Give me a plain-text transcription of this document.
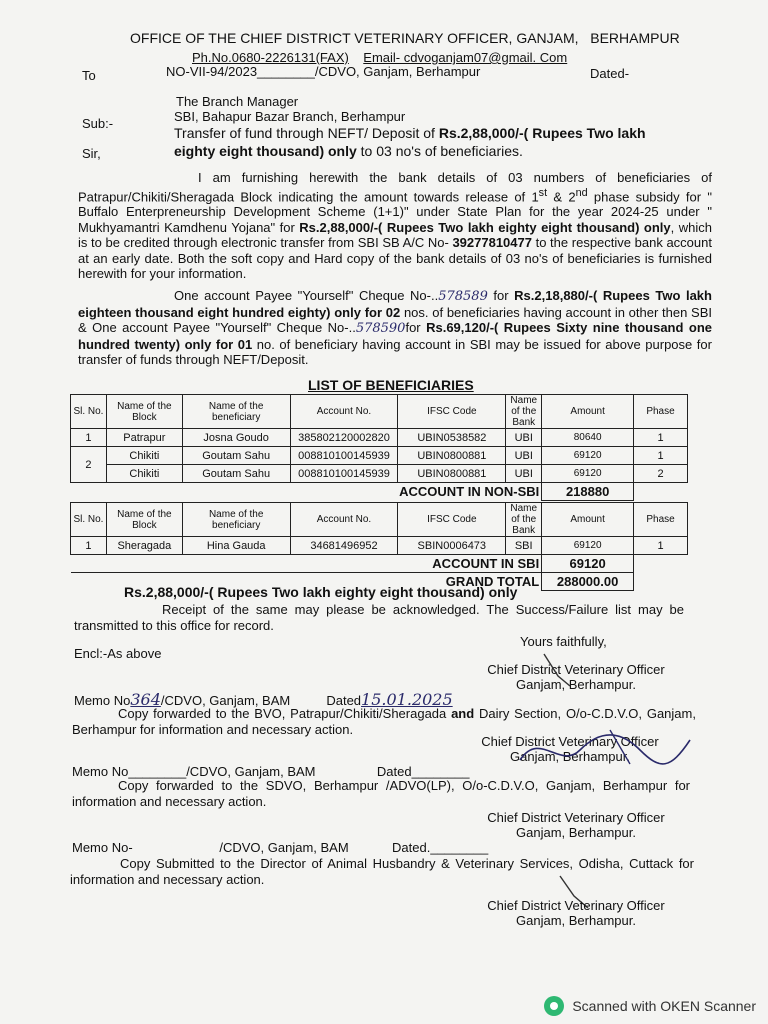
OFFICE OF THE CHIEF DISTRICT VETERINARY OFFICER, GANJAM, BERHAMPUR
Ph.No.0680-2226131(FAX) Email- cdvoganjam07@gmail. Com
To	NO-VII-94/2023________/CDVO, Ganjam, Berhampur	Dated-
The Branch Manager
SBI, Bahapur Bazar Branch, Berhampur
Sub:-
Transfer of fund through NEFT/ Deposit of Rs.2,88,000/-( Rupees Two lakh
eighty eight thousand) only to 03 no's of beneficiaries.
Sir,
I am furnishing herewith the bank details of 03 numbers of beneficiaries of Patrapur/Chikiti/Sheragada Block indicating the amount towards release of 1st & 2nd phase subsidy for " Buffalo Enterpreneurship Development Scheme (1+1)" under State Plan for the year 2024-25 under " Mukhyamantri Kamdhenu Yojana" for Rs.2,88,000/-( Rupees Two lakh eighty eight thousand) only, which is to be credited through electronic transfer from SBI SB A/C No- 39277810477 to the respective bank account at an early date. Both the soft copy and Hard copy of the bank details of 03 no's of beneficiaries is furnished herewith for your information.
One account Payee "Yourself" Cheque No-..578589 for Rs.2,18,880/-( Rupees Two lakh eighteen thousand eight hundred eighty) only for 02 nos. of beneficiaries having account in other then SBI & One account Payee "Yourself" Cheque No-..578590for Rs.69,120/-( Rupees Sixty nine thousand one hundred twenty) only for 01 no. of beneficiary having account in SBI may be issued for above purpose for transfer of funds through NEFT/Deposit.
LIST OF BENEFICIARIES
Sl. No.	Name of the Block	Name of the beneficiary	Account No.	IFSC Code	Name of the Bank	Amount	Phase
1	Patrapur	Josna Goudo	385802120002820	UBIN0538582	UBI	80640	1
2	Chikiti	Goutam Sahu	008810100145939	UBIN0800881	UBI	69120	1
	Chikiti	Goutam Sahu	008810100145939	UBIN0800881	UBI	69120	2
ACCOUNT IN NON-SBI						218880	
Sl. No.	Name of the Block	Name of the beneficiary	Account No.	IFSC Code	Name of the Bank	Amount	Phase
1	Sheragada	Hina Gauda	34681496952	SBIN0006473	SBI	69120	1
ACCOUNT IN SBI						69120	
GRAND TOTAL						288000.00	
Rs.2,88,000/-( Rupees Two lakh eighty eight thousand) only
Receipt of the same may please be acknowledged. The Success/Failure list may be transmitted to this office for record.
Yours faithfully,
Encl:-As above
Chief District Veterinary Officer
Ganjam, Berhampur.
Memo No364/CDVO, Ganjam, BAM	Dated15.01.2025
Copy forwarded to the BVO, Patrapur/Chikiti/Sheragada and Dairy Section, O/o-C.D.V.O, Ganjam, Berhampur for information and necessary action.
Chief District Veterinary Officer
Ganjam, Berhampur.
Memo No________/CDVO, Ganjam, BAM	Dated________
Copy forwarded to the SDVO, Berhampur /ADVO(LP), O/o-C.D.V.O, Ganjam, Berhampur for information and necessary action.
Chief District Veterinary Officer
Ganjam, Berhampur.
Memo No-	/CDVO, Ganjam, BAM	Dated.________
Copy Submitted to the Director of Animal Husbandry & Veterinary Services, Odisha, Cuttack for information and necessary action.
Chief District Veterinary Officer
Ganjam, Berhampur.
Scanned with OKEN Scanner
